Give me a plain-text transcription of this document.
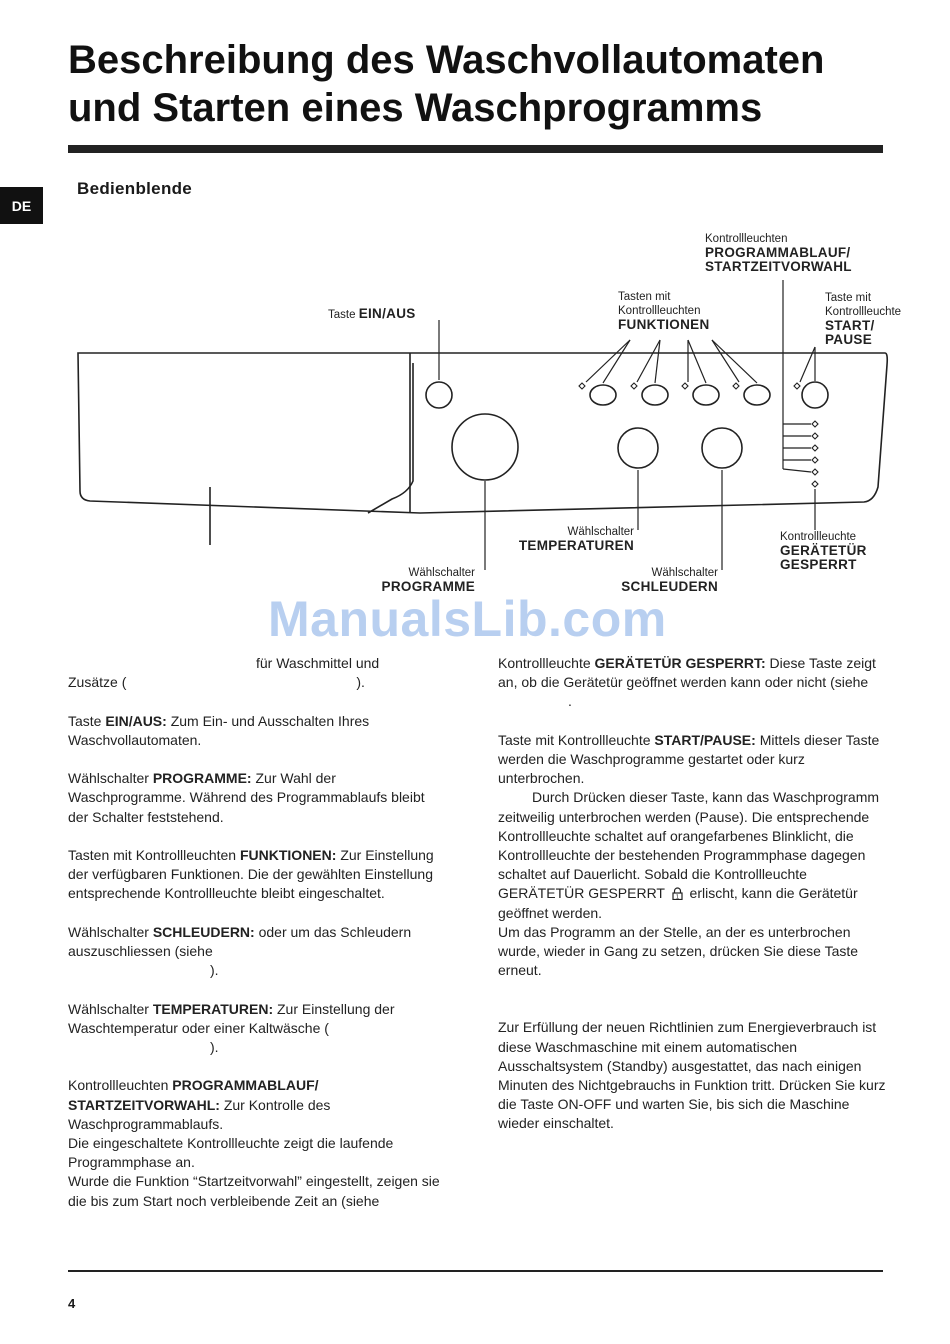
Beschreibung des Waschvollautomaten
und Starten eines Waschprogramms
DE
Bedienblende
Taste EIN/AUS
Tasten mit
Kontrollleuchten
FUNKTIONEN
Kontrollleuchten
PROGRAMMABLAUF/
STARTZEITVORWAHL
Taste mit
Kontrollleuchte
START/
PAUSE
Wählschalter
TEMPERATUREN
Wählschalter
PROGRAMME
Wählschalter
SCHLEUDERN
Kontrollleuchte
GERÄTETÜR
GESPERRT
ManualsLib.com

für Waschmittel und
Zusätze (	).

Taste EIN/AUS: Zum Ein- und Ausschalten Ihres Waschvollautomaten.

Wählschalter PROGRAMME: Zur Wahl der Waschprogramme. Während des Programmablaufs bleibt der Schalter feststehend.

Tasten mit Kontrollleuchten FUNKTIONEN: Zur Einstellung der verfügbaren Funktionen. Die der gewählten Einstellung entsprechende Kontrollleuchte bleibt eingeschaltet.

Wählschalter SCHLEUDERN: oder um das Schleudern auszuschliessen (siehe
).

Wählschalter TEMPERATUREN: Zur Einstellung der Waschtemperatur oder einer Kaltwäsche (
).

Kontrollleuchten PROGRAMMABLAUF/ STARTZEITVORWAHL: Zur Kontrolle des Waschprogrammablaufs.
Die eingeschaltete Kontrollleuchte zeigt die laufende Programmphase an.
Wurde die Funktion “Startzeitvorwahl” eingestellt, zeigen sie die bis zum Start noch verbleibende Zeit an (siehe

Kontrollleuchte GERÄTETÜR GESPERRT: Diese Taste zeigt an, ob die Gerätetür geöffnet werden kann oder nicht (siehe.

Taste mit Kontrollleuchte START/PAUSE: Mittels dieser Taste werden die Waschprogramme gestartet oder kurz unterbrochen.
Durch Drücken dieser Taste, kann das Waschprogramm zeitweilig unterbrochen werden (Pause). Die entsprechende Kontrollleuchte schaltet auf orangefarbenes Blinklicht, die Kontrollleuchte der bestehenden Programmphase dagegen schaltet auf Dauerlicht. Sobald die Kontrollleuchte GERÄTETÜR GESPERRT 1 erlischt, kann die Gerätetür geöffnet werden.
Um das Programm an der Stelle, an der es unterbrochen wurde, wieder in Gang zu setzen, drücken Sie diese Taste erneut.

Zur Erfüllung der neuen Richtlinien zum Energieverbrauch ist diese Waschmaschine mit einem automatischen Ausschaltsystem (Standby) ausgestattet, das nach einigen Minuten des Nichtgebrauchs in Funktion tritt. Drücken Sie kurz die Taste ON-OFF und warten Sie, bis sich die Maschine wieder einschaltet.

4
